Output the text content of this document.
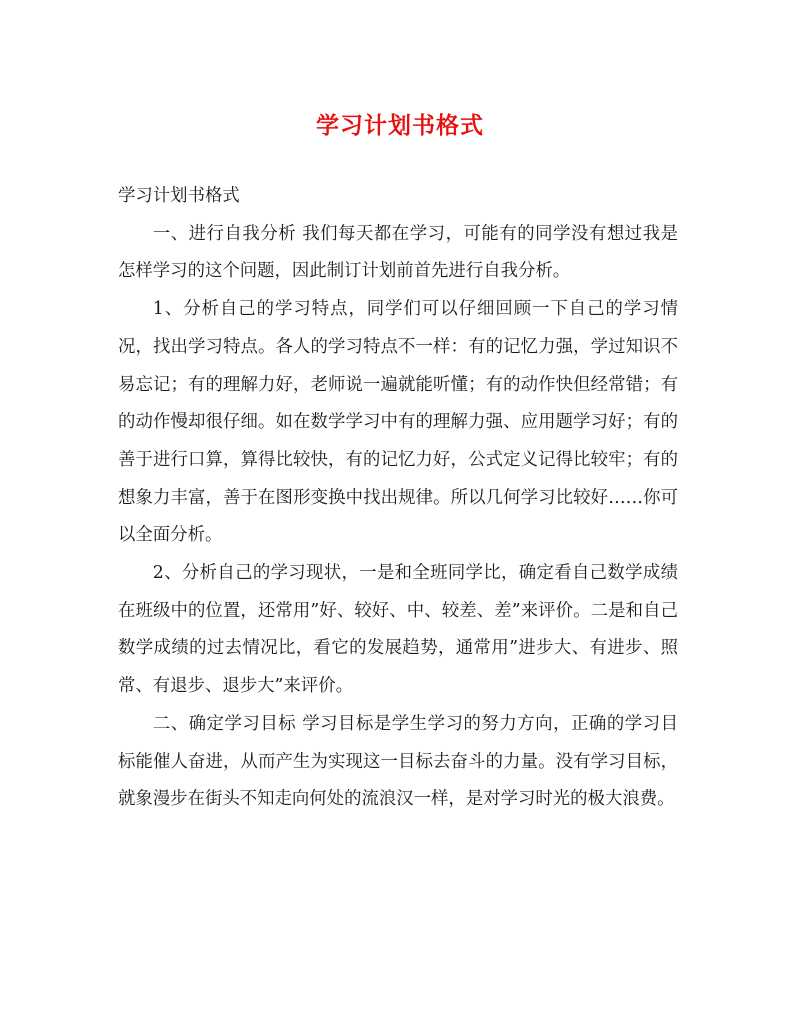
学习计划书格式

学习计划书格式

一、进行自我分析 我们每天都在学习，可能有的同学没有想过我是怎样学习的这个问题，因此制订计划前首先进行自我分析。

1、分析自己的学习特点，同学们可以仔细回顾一下自己的学习情况，找出学习特点。各人的学习特点不一样：有的记忆力强，学过知识不易忘记；有的理解力好，老师说一遍就能听懂；有的动作快但经常错；有的动作慢却很仔细。如在数学学习中有的理解力强、应用题学习好；有的善于进行口算，算得比较快，有的记忆力好，公式定义记得比较牢；有的想象力丰富，善于在图形变换中找出规律。所以几何学习比较好……你可以全面分析。

2、分析自己的学习现状，一是和全班同学比，确定看自己数学成绩在班级中的位置，还常用”好、较好、中、较差、差”来评价。二是和自己数学成绩的过去情况比，看它的发展趋势，通常用”进步大、有进步、照常、有退步、退步大”来评价。

二、确定学习目标 学习目标是学生学习的努力方向，正确的学习目标能催人奋进，从而产生为实现这一目标去奋斗的力量。没有学习目标，就象漫步在街头不知走向何处的流浪汉一样，是对学习时光的极大浪费。
